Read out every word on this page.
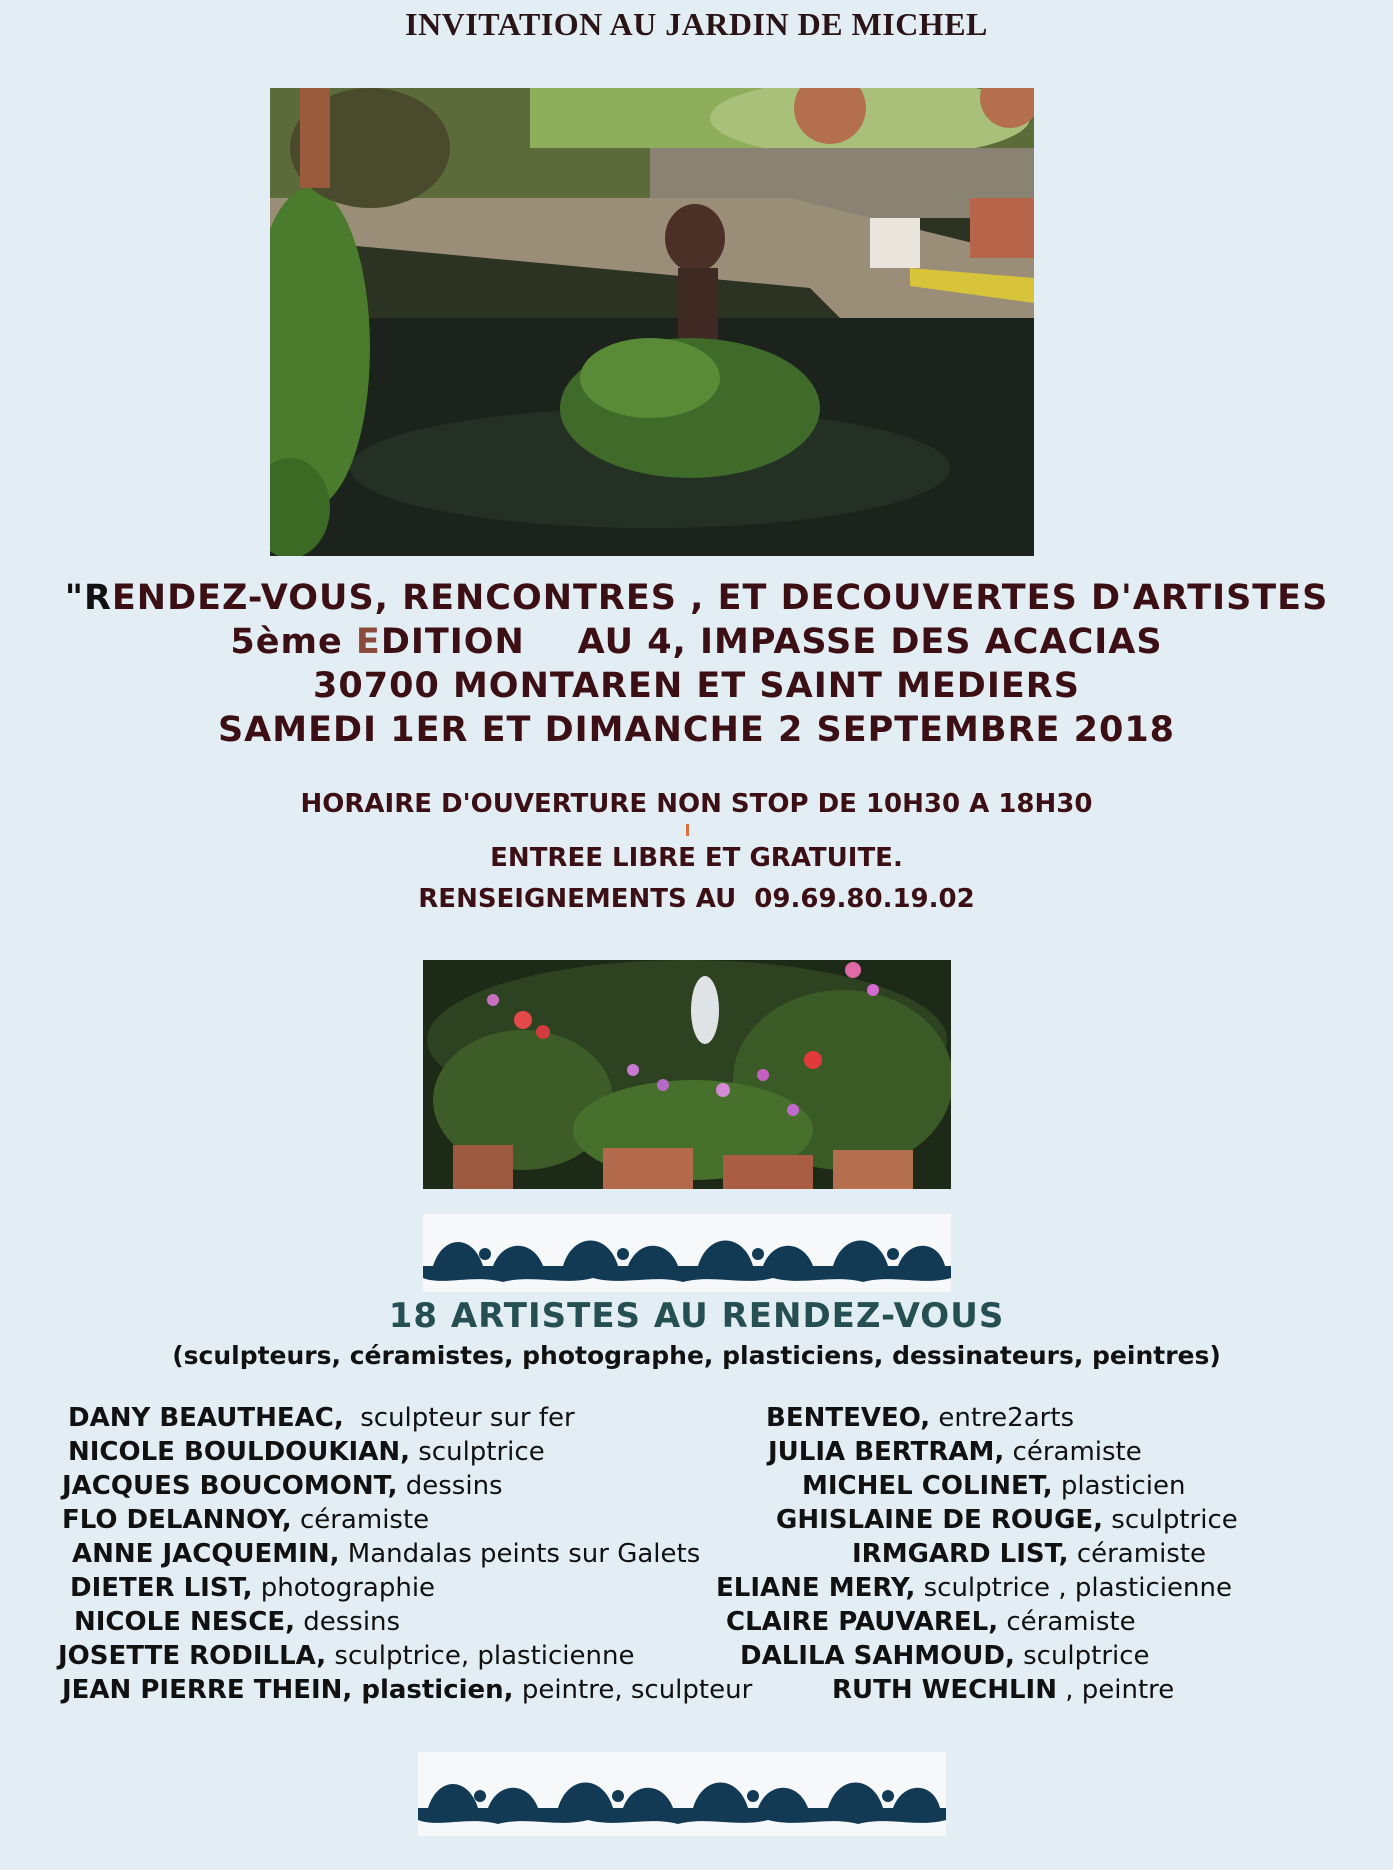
INVITATION AU JARDIN DE MICHEL
"RENDEZ-VOUS, RENCONTRES , ET DECOUVERTES D'ARTISTES
5ème EDITION    AU 4, IMPASSE DES ACACIAS
30700 MONTAREN ET SAINT MEDIERS
SAMEDI 1ER ET DIMANCHE 2 SEPTEMBRE 2018
HORAIRE D'OUVERTURE NON STOP DE 10H30 A 18H30
ENTREE LIBRE ET GRATUITE.
RENSEIGNEMENTS AU  09.69.80.19.02
18 ARTISTES AU RENDEZ-VOUS
(sculpteurs, céramistes, photographe, plasticiens, dessinateurs, peintres)
DANY BEAUTHEAC,  sculpteur sur fer
NICOLE BOULDOUKIAN, sculptrice
JACQUES BOUCOMONT, dessins
FLO DELANNOY, céramiste
ANNE JACQUEMIN, Mandalas peints sur Galets
DIETER LIST, photographie
NICOLE NESCE, dessins
JOSETTE RODILLA, sculptrice, plasticienne
JEAN PIERRE THEIN, plasticien, peintre, sculpteur
BENTEVEO, entre2arts
JULIA BERTRAM, céramiste
MICHEL COLINET, plasticien
GHISLAINE DE ROUGE, sculptrice
IRMGARD LIST, céramiste
ELIANE MERY, sculptrice , plasticienne
CLAIRE PAUVAREL, céramiste
DALILA SAHMOUD, sculptrice
RUTH WECHLIN , peintre
